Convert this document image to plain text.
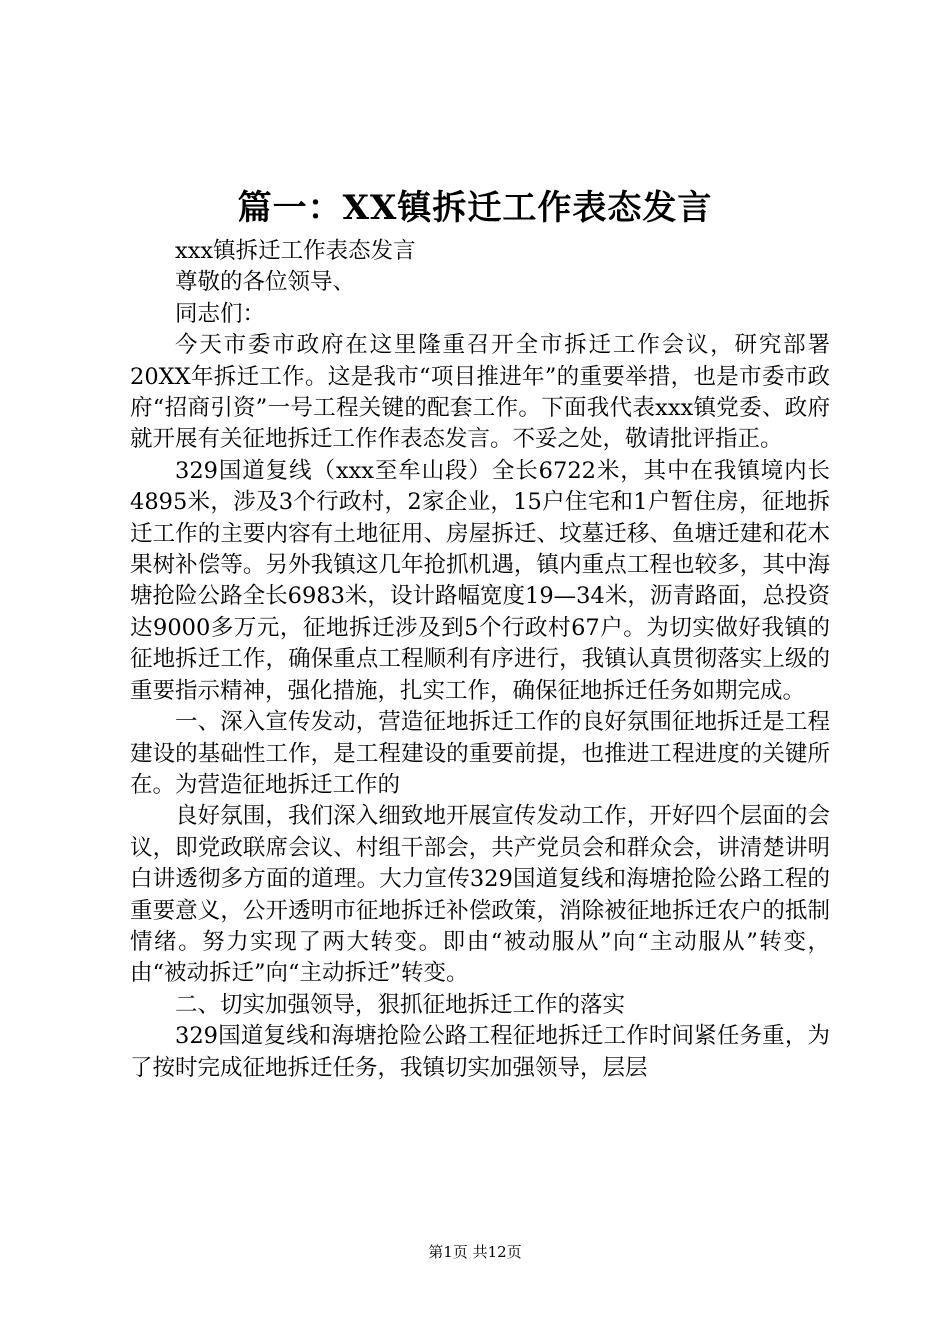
篇一：XX镇拆迁工作表态发言

xxx镇拆迁工作表态发言

尊敬的各位领导、

同志们：

今天市委市政府在这里隆重召开全市拆迁工作会议，研究部署20XX年拆迁工作。这是我市“项目推进年”的重要举措，也是市委市政府“招商引资”一号工程关键的配套工作。下面我代表xxx镇党委、政府就开展有关征地拆迁工作作表态发言。不妥之处，敬请批评指正。

329国道复线（xxx至牟山段）全长6722米，其中在我镇境内长4895米，涉及3个行政村，2家企业，15户住宅和1户暂住房，征地拆迁工作的主要内容有土地征用、房屋拆迁、坟墓迁移、鱼塘迁建和花木果树补偿等。另外我镇这几年抢抓机遇，镇内重点工程也较多，其中海塘抢险公路全长6983米，设计路幅宽度19—34米，沥青路面，总投资达9000多万元，征地拆迁涉及到5个行政村67户。为切实做好我镇的征地拆迁工作，确保重点工程顺利有序进行，我镇认真贯彻落实上级的重要指示精神，强化措施，扎实工作，确保征地拆迁任务如期完成。

一、深入宣传发动，营造征地拆迁工作的良好氛围征地拆迁是工程建设的基础性工作，是工程建设的重要前提，也推进工程进度的关键所在。为营造征地拆迁工作的

良好氛围，我们深入细致地开展宣传发动工作，开好四个层面的会议，即党政联席会议、村组干部会，共产党员会和群众会，讲清楚讲明白讲透彻多方面的道理。大力宣传329国道复线和海塘抢险公路工程的重要意义，公开透明市征地拆迁补偿政策，消除被征地拆迁农户的抵制情绪。努力实现了两大转变。即由“被动服从”向“主动服从”转变，由“被动拆迁”向“主动拆迁”转变。

二、切实加强领导，狠抓征地拆迁工作的落实

329国道复线和海塘抢险公路工程征地拆迁工作时间紧任务重，为了按时完成征地拆迁任务，我镇切实加强领导，层层

第1页 共12页
